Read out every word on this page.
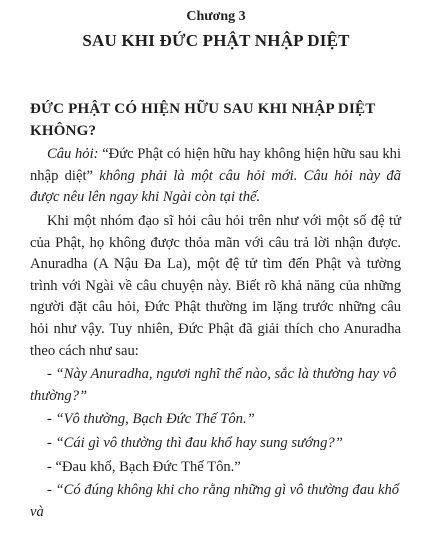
Chương 3
SAU KHI ĐỨC PHẬT NHẬP DIỆT
ĐỨC PHẬT CÓ HIỆN HỮU SAU KHI NHẬP DIỆT KHÔNG?

Câu hỏi: “Đức Phật có hiện hữu hay không hiện hữu sau khi nhập diệt” không phải là một câu hỏi mới. Câu hỏi này đã được nêu lên ngay khi Ngài còn tại thế.

Khi một nhóm đạo sĩ hỏi câu hỏi trên như với một số đệ tử của Phật, họ không được thỏa mãn với câu trả lời nhận được. Anuradha (A Nậu Đa La), một đệ tử tìm đến Phật và tường trình với Ngài về câu chuyện này. Biết rõ khả năng của những người đặt câu hỏi, Đức Phật thường im lặng trước những câu hỏi như vậy. Tuy nhiên, Đức Phật đã giải thích cho Anuradha theo cách như sau:

- “Này Anuradha, ngươi nghĩ thế nào, sắc là thường hay vô thường?”

- “Vô thường, Bạch Đức Thế Tôn.”

- “Cái gì vô thường thì đau khổ hay sung sướng?”

- “Đau khổ, Bạch Đức Thế Tôn.”

- “Có đúng không khi cho rằng những gì vô thường đau khổ và
